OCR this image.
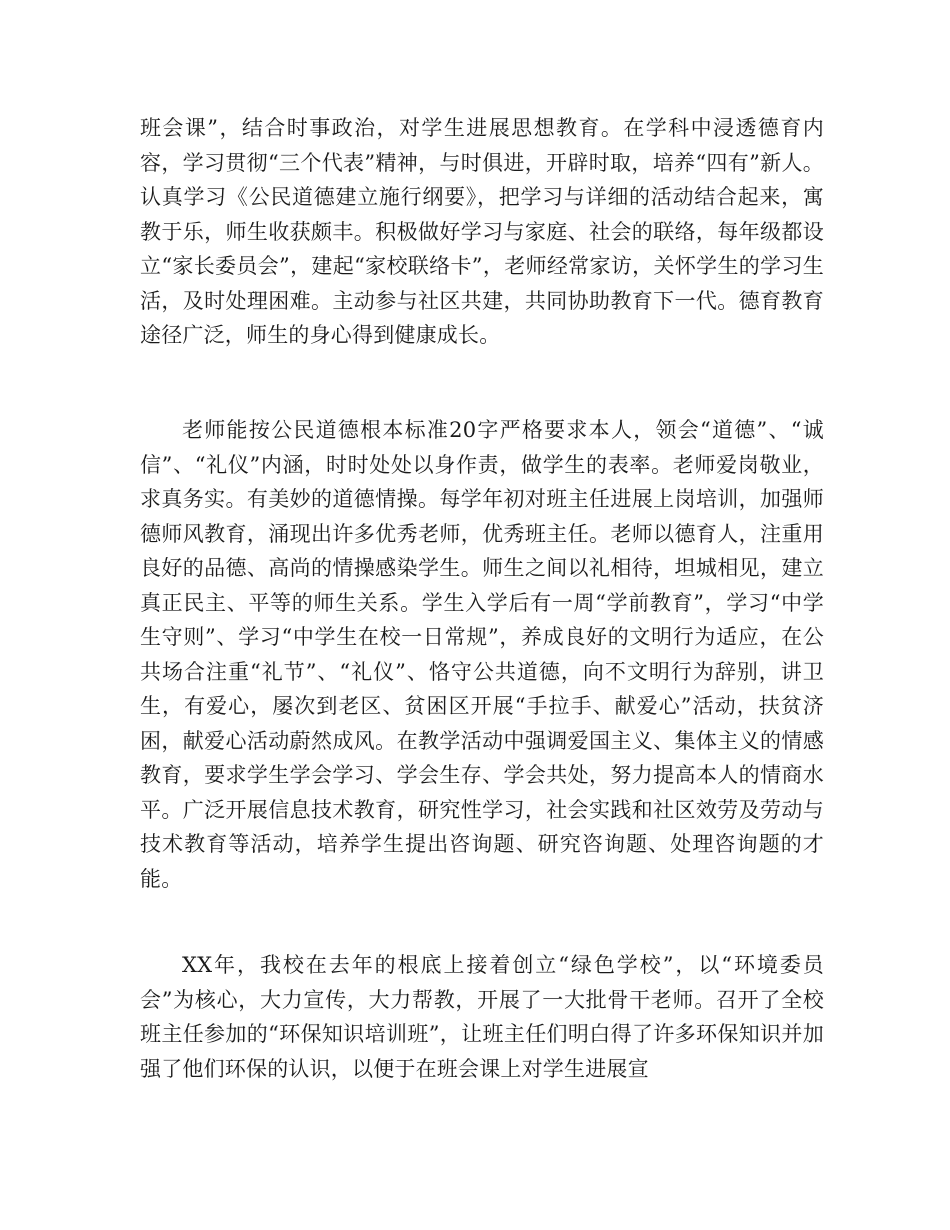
班会课”，结合时事政治，对学生进展思想教育。在学科中浸透德育内容，学习贯彻“三个代表”精神，与时俱进，开辟时取，培养“四有”新人。认真学习《公民道德建立施行纲要》，把学习与详细的活动结合起来，寓教于乐，师生收获颇丰。积极做好学习与家庭、社会的联络，每年级都设立“家长委员会”，建起“家校联络卡”，老师经常家访，关怀学生的学习生活，及时处理困难。主动参与社区共建，共同协助教育下一代。德育教育途径广泛，师生的身心得到健康成长。

老师能按公民道德根本标准20字严格要求本人，领会“道德”、“诚信”、“礼仪”内涵，时时处处以身作责，做学生的表率。老师爱岗敬业，求真务实。有美妙的道德情操。每学年初对班主任进展上岗培训，加强师德师风教育，涌现出许多优秀老师，优秀班主任。老师以德育人，注重用良好的品德、高尚的情操感染学生。师生之间以礼相待，坦城相见，建立真正民主、平等的师生关系。学生入学后有一周“学前教育”，学习“中学生守则”、学习“中学生在校一日常规”，养成良好的文明行为适应，在公共场合注重“礼节”、“礼仪”、恪守公共道德，向不文明行为辞别，讲卫生，有爱心，屡次到老区、贫困区开展“手拉手、献爱心”活动，扶贫济困，献爱心活动蔚然成风。在教学活动中强调爱国主义、集体主义的情感教育，要求学生学会学习、学会生存、学会共处，努力提高本人的情商水平。广泛开展信息技术教育，研究性学习，社会实践和社区效劳及劳动与技术教育等活动，培养学生提出咨询题、研究咨询题、处理咨询题的才能。

XX年，我校在去年的根底上接着创立“绿色学校”，以“环境委员会”为核心，大力宣传，大力帮教，开展了一大批骨干老师。召开了全校班主任参加的“环保知识培训班”，让班主任们明白得了许多环保知识并加强了他们环保的认识，以便于在班会课上对学生进展宣
